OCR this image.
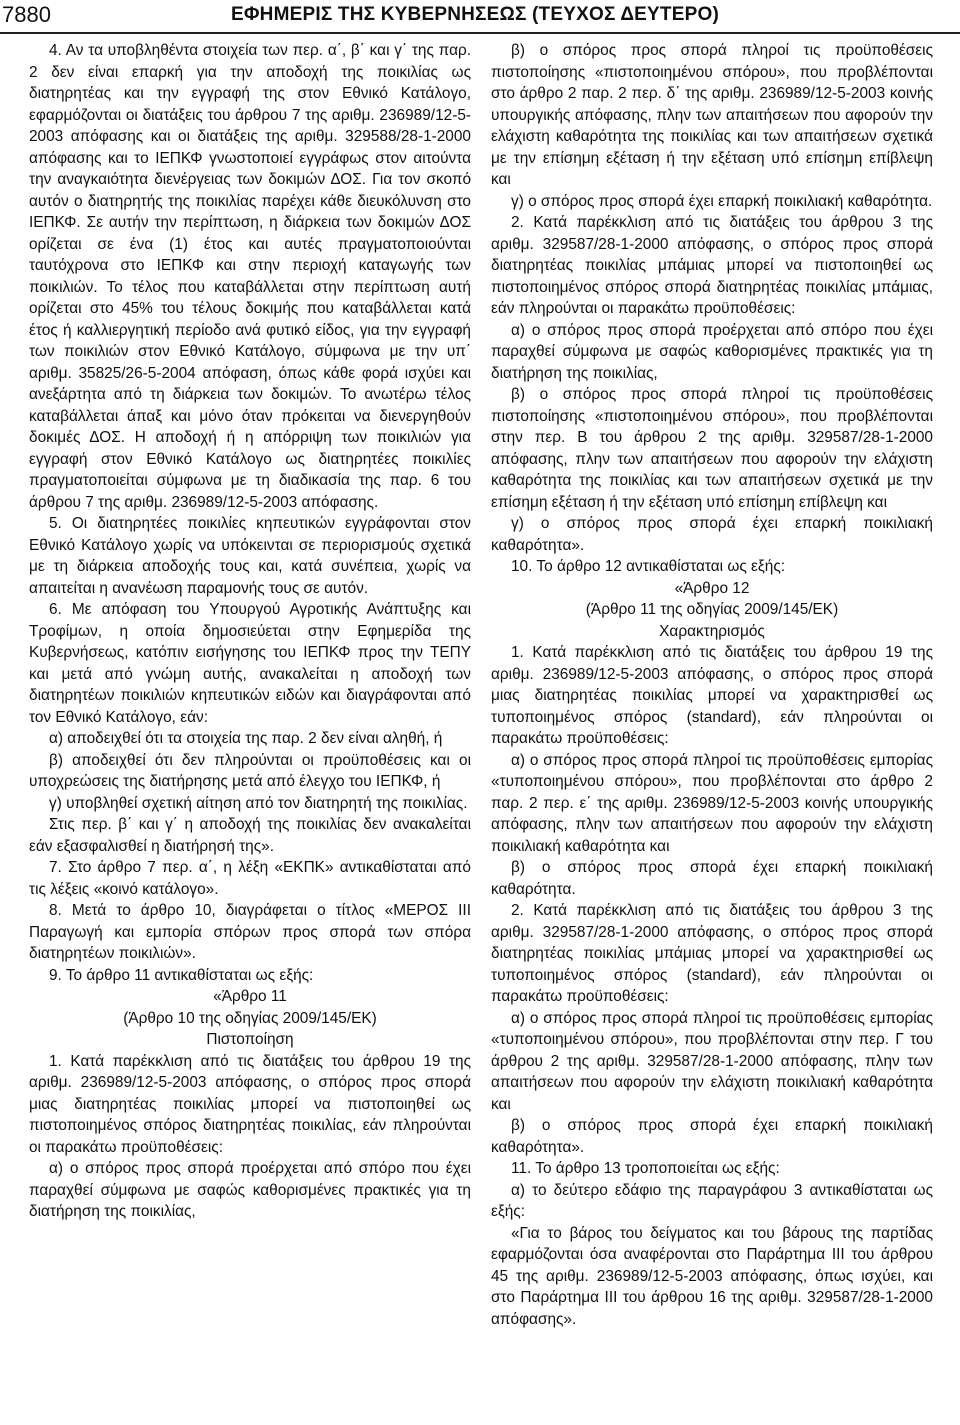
7880	ΕΦΗΜΕΡΙΣ ΤΗΣ ΚΥΒΕΡΝΗΣΕΩΣ (ΤΕΥΧΟΣ ΔΕΥΤΕΡΟ)

4. Αν τα υποβληθέντα στοιχεία των περ. α΄, β΄ και γ΄ της παρ. 2 δεν είναι επαρκή για την αποδοχή της ποικιλίας ως διατηρητέας και την εγγραφή της στον Εθνικό Κατάλογο, εφαρμόζονται οι διατάξεις του άρθρου 7 της αριθμ. 236989/12-5-2003 απόφασης και οι διατάξεις της αριθμ. 329588/28-1-2000 απόφασης και το ΙΕΠΚΦ γνωστοποιεί εγγράφως στον αιτούντα την αναγκαιότητα διενέργειας των δοκιμών ΔΟΣ. Για τον σκοπό αυτόν ο διατηρητής της ποικιλίας παρέχει κάθε διευκόλυνση στο ΙΕΠΚΦ. Σε αυτήν την περίπτωση, η διάρκεια των δοκιμών ΔΟΣ ορίζεται σε ένα (1) έτος και αυτές πραγματοποιούνται ταυτόχρονα στο ΙΕΠΚΦ και στην περιοχή καταγωγής των ποικιλιών. Το τέλος που καταβάλλεται στην περίπτωση αυτή ορίζεται στο 45% του τέλους δοκιμής που καταβάλλεται κατά έτος ή καλλιεργητική περίοδο ανά φυτικό είδος, για την εγγραφή των ποικιλιών στον Εθνικό Κατάλογο, σύμφωνα με την υπ΄ αριθμ. 35825/26-5-2004 απόφαση, όπως κάθε φορά ισχύει και ανεξάρτητα από τη διάρκεια των δοκιμών. Το ανωτέρω τέλος καταβάλλεται άπαξ και μόνο όταν πρόκειται να διενεργηθούν δοκιμές ΔΟΣ. Η αποδοχή ή η απόρριψη των ποικιλιών για εγγραφή στον Εθνικό Κατάλογο ως διατηρητέες ποικιλίες πραγματοποιείται σύμφωνα με τη διαδικασία της παρ. 6 του άρθρου 7 της αριθμ. 236989/12-5-2003 απόφασης.

5. Οι διατηρητέες ποικιλίες κηπευτικών εγγράφονται στον Εθνικό Κατάλογο χωρίς να υπόκεινται σε περιορισμούς σχετικά με τη διάρκεια αποδοχής τους και, κατά συνέπεια, χωρίς να απαιτείται η ανανέωση παραμονής τους σε αυτόν.

6. Με απόφαση του Υπουργού Αγροτικής Ανάπτυξης και Τροφίμων, η οποία δημοσιεύεται στην Εφημερίδα της Κυβερνήσεως, κατόπιν εισήγησης του ΙΕΠΚΦ προς την ΤΕΠΥ και μετά από γνώμη αυτής, ανακαλείται η αποδοχή των διατηρητέων ποικιλιών κηπευτικών ειδών και διαγράφονται από τον Εθνικό Κατάλογο, εάν:

α) αποδειχθεί ότι τα στοιχεία της παρ. 2 δεν είναι αληθή, ή

β) αποδειχθεί ότι δεν πληρούνται οι προϋποθέσεις και οι υποχρεώσεις της διατήρησης μετά από έλεγχο του ΙΕΠΚΦ, ή

γ) υποβληθεί σχετική αίτηση από τον διατηρητή της ποικιλίας.

Στις περ. β΄ και γ΄ η αποδοχή της ποικιλίας δεν ανακαλείται εάν εξασφαλισθεί η διατήρησή της».

7. Στο άρθρο 7 περ. α΄, η λέξη «ΕΚΠΚ» αντικαθίσταται από τις λέξεις «κοινό κατάλογο».

8. Μετά το άρθρο 10, διαγράφεται ο τίτλος «ΜΕΡΟΣ ΙΙΙ Παραγωγή και εμπορία σπόρων προς σπορά των σπόρα διατηρητέων ποικιλιών».

9. Το άρθρο 11 αντικαθίσταται ως εξής:

«Άρθρο 11

(Άρθρο 10 της οδηγίας 2009/145/ΕΚ)

Πιστοποίηση

1. Κατά παρέκκλιση από τις διατάξεις του άρθρου 19 της αριθμ. 236989/12-5-2003 απόφασης, ο σπόρος προς σπορά μιας διατηρητέας ποικιλίας μπορεί να πιστοποιηθεί ως πιστοποιημένος σπόρος διατηρητέας ποικιλίας, εάν πληρούνται οι παρακάτω προϋποθέσεις:

α) ο σπόρος προς σπορά προέρχεται από σπόρο που έχει παραχθεί σύμφωνα με σαφώς καθορισμένες πρακτικές για τη διατήρηση της ποικιλίας,

β) ο σπόρος προς σπορά πληροί τις προϋποθέσεις πιστοποίησης «πιστοποιημένου σπόρου», που προβλέπονται στο άρθρο 2 παρ. 2 περ. δ΄ της αριθμ. 236989/12-5-2003 κοινής υπουργικής απόφασης, πλην των απαιτήσεων που αφορούν την ελάχιστη καθαρότητα της ποικιλίας και των απαιτήσεων σχετικά με την επίσημη εξέταση ή την εξέταση υπό επίσημη επίβλεψη και

γ) ο σπόρος προς σπορά έχει επαρκή ποικιλιακή καθαρότητα.

2. Κατά παρέκκλιση από τις διατάξεις του άρθρου 3 της αριθμ. 329587/28-1-2000 απόφασης, ο σπόρος προς σπορά διατηρητέας ποικιλίας μπάμιας μπορεί να πιστοποιηθεί ως πιστοποιημένος σπόρος σπορά διατηρητέας ποικιλίας μπάμιας, εάν πληρούνται οι παρακάτω προϋποθέσεις:

α) ο σπόρος προς σπορά προέρχεται από σπόρο που έχει παραχθεί σύμφωνα με σαφώς καθορισμένες πρακτικές για τη διατήρηση της ποικιλίας,

β) ο σπόρος προς σπορά πληροί τις προϋποθέσεις πιστοποίησης «πιστοποιημένου σπόρου», που προβλέπονται στην περ. Β του άρθρου 2 της αριθμ. 329587/28-1-2000 απόφασης, πλην των απαιτήσεων που αφορούν την ελάχιστη καθαρότητα της ποικιλίας και των απαιτήσεων σχετικά με την επίσημη εξέταση ή την εξέταση υπό επίσημη επίβλεψη και

γ) ο σπόρος προς σπορά έχει επαρκή ποικιλιακή καθαρότητα».

10. Το άρθρο 12 αντικαθίσταται ως εξής:

«Άρθρο 12

(Άρθρο 11 της οδηγίας 2009/145/ΕΚ)

Χαρακτηρισμός

1. Κατά παρέκκλιση από τις διατάξεις του άρθρου 19 της αριθμ. 236989/12-5-2003 απόφασης, ο σπόρος προς σπορά μιας διατηρητέας ποικιλίας μπορεί να χαρακτηρισθεί ως τυποποιημένος σπόρος (standard), εάν πληρούνται οι παρακάτω προϋποθέσεις:

α) ο σπόρος προς σπορά πληροί τις προϋποθέσεις εμπορίας «τυποποιημένου σπόρου», που προβλέπονται στο άρθρο 2 παρ. 2 περ. ε΄ της αριθμ. 236989/12-5-2003 κοινής υπουργικής απόφασης, πλην των απαιτήσεων που αφορούν την ελάχιστη ποικιλιακή καθαρότητα και

β) ο σπόρος προς σπορά έχει επαρκή ποικιλιακή καθαρότητα.

2. Κατά παρέκκλιση από τις διατάξεις του άρθρου 3 της αριθμ. 329587/28-1-2000 απόφασης, ο σπόρος προς σπορά διατηρητέας ποικιλίας μπάμιας μπορεί να χαρακτηρισθεί ως τυποποιημένος σπόρος (standard), εάν πληρούνται οι παρακάτω προϋποθέσεις:

α) ο σπόρος προς σπορά πληροί τις προϋποθέσεις εμπορίας «τυποποιημένου σπόρου», που προβλέπονται στην περ. Γ του άρθρου 2 της αριθμ. 329587/28-1-2000 απόφασης, πλην των απαιτήσεων που αφορούν την ελάχιστη ποικιλιακή καθαρότητα και

β) ο σπόρος προς σπορά έχει επαρκή ποικιλιακή καθαρότητα».

11. Το άρθρο 13 τροποποιείται ως εξής:

α) το δεύτερο εδάφιο της παραγράφου 3 αντικαθίσταται ως εξής:

«Για το βάρος του δείγματος και του βάρους της παρτίδας εφαρμόζονται όσα αναφέρονται στο Παράρτημα ΙΙΙ του άρθρου 45 της αριθμ. 236989/12-5-2003 απόφασης, όπως ισχύει, και στο Παράρτημα ΙΙΙ του άρθρου 16 της αριθμ. 329587/28-1-2000 απόφασης».
